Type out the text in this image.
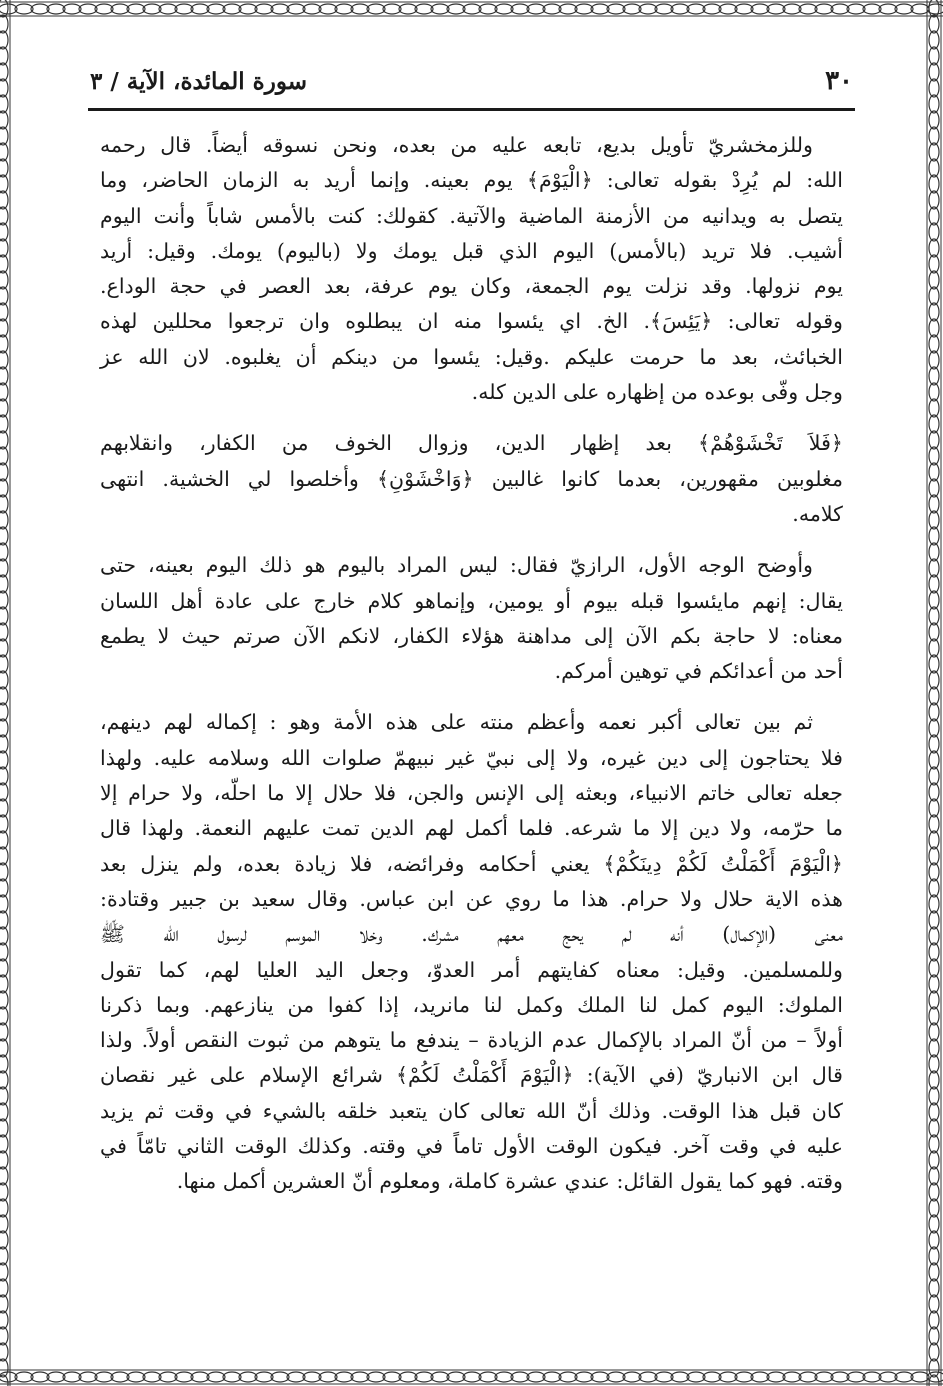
٣٠
سورة المائدة، الآية / ٣
وللزمخشريّ تأويل بديع، تابعه عليه من بعده، ونحن نسوقه أيضاً. قال رحمه
الله: لم يُرِدْ بقوله تعالى: ﴿الْيَوْمَ﴾ يوم بعينه. وإنما أريد به الزمان الحاضر، وما
يتصل به ويدانيه من الأزمنة الماضية والآتية. كقولك: كنت بالأمس شاباً وأنت اليوم
أشيب. فلا تريد (بالأمس) اليوم الذي قبل يومك ولا (باليوم) يومك. وقيل: أريد
يوم نزولها. وقد نزلت يوم الجمعة، وكان يوم عرفة، بعد العصر في حجة الوداع.
وقوله تعالى: ﴿يَئِسَ﴾. الخ. اي يئسوا منه ان يبطلوه وان ترجعوا محللين لهذه
الخبائث، بعد ما حرمت عليكم .وقيل: يئسوا من دينكم أن يغلبوه. لان الله عز
وجل وفّى بوعده من إظهاره على الدين كله.
﴿فَلاَ تَخْشَوْهُمْ﴾ بعد إظهار الدين، وزوال الخوف من الكفار، وانقلابهم
مغلوبين مقهورين، بعدما كانوا غالبين ﴿وَاخْشَوْنِ﴾ وأخلصوا لي الخشية. انتهى
كلامه.
وأوضح الوجه الأول، الرازيّ فقال: ليس المراد باليوم هو ذلك اليوم بعينه، حتى
يقال: إنهم مايئسوا قبله بيوم أو يومين، وإنماهو كلام خارج على عادة أهل اللسان
معناه: لا حاجة بكم الآن إلى مداهنة هؤلاء الكفار، لانكم الآن صرتم حيث لا يطمع
أحد من أعدائكم في توهين أمركم.
ثم بين تعالى أكبر نعمه وأعظم منته على هذه الأمة وهو : إكماله لهم دينهم،
فلا يحتاجون إلى دين غيره، ولا إلى نبيّ غير نبيهمّ صلوات الله وسلامه عليه. ولهذا
جعله تعالى خاتم الانبياء، وبعثه إلى الإنس والجن، فلا حلال إلا ما احلّه، ولا حرام إلا
ما حرّمه، ولا دين إلا ما شرعه. فلما أكمل لهم الدين تمت عليهم النعمة. ولهذا قال
﴿الْيَوْمَ أَكْمَلْتُ لَكُمْ دِينَكُمْ﴾ يعني أحكامه وفرائضه، فلا زيادة بعده، ولم ينزل بعد
هذه الاية حلال ولا حرام. هذا ما روي عن ابن عباس. وقال سعيد بن جبير وقتادة:
معنى (الإكمال) أنه لم يحج معهم مشرك. وخلا الموسم لرسول الله ﷺ
وللمسلمين. وقيل: معناه كفايتهم أمر العدوّ، وجعل اليد العليا لهم، كما تقول
الملوك: اليوم كمل لنا الملك وكمل لنا مانريد، إذا كفوا من ينازعهم. وبما ذكرنا
أولاً – من أنّ المراد بالإكمال عدم الزيادة – يندفع ما يتوهم من ثبوت النقص أولاً. ولذا
قال ابن الانباريّ (في الآية): ﴿الْيَوْمَ أَكْمَلْتُ لَكُمْ﴾ شرائع الإسلام على غير نقصان
كان قبل هذا الوقت. وذلك أنّ الله تعالى كان يتعبد خلقه بالشيء في وقت ثم يزيد
عليه في وقت آخر. فيكون الوقت الأول تاماً في وقته. وكذلك الوقت الثاني تامّاً في
وقته. فهو كما يقول القائل: عندي عشرة كاملة، ومعلوم أنّ العشرين أكمل منها.
